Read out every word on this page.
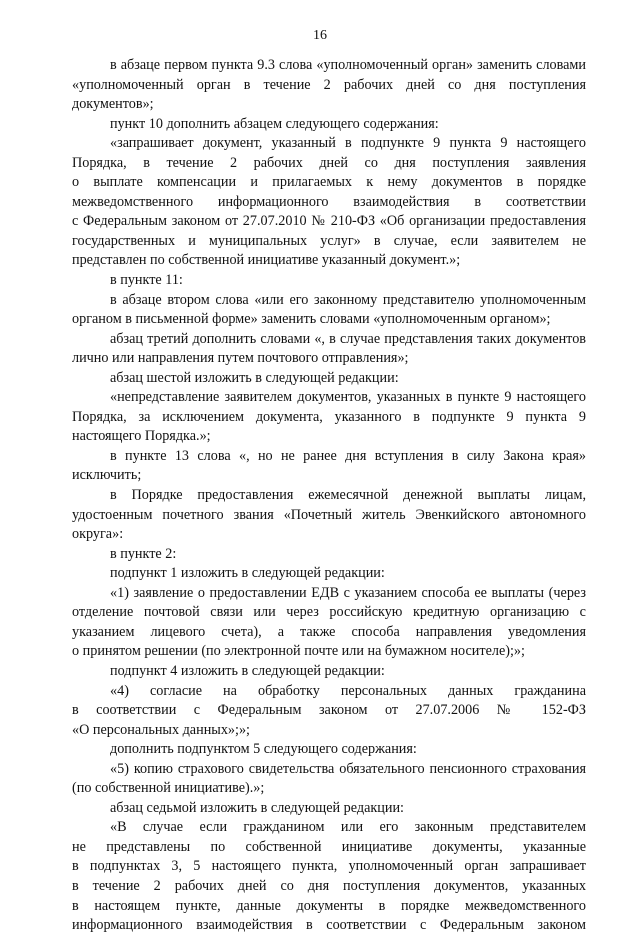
16
в абзаце первом пункта 9.3 слова «уполномоченный орган» заменить словами
«уполномоченный орган в течение 2 рабочих дней со дня поступления
документов»;
пункт 10 дополнить абзацем следующего содержания:
«запрашивает документ, указанный в подпункте 9 пункта 9 настоящего
Порядка, в течение 2 рабочих дней со дня поступления заявления
о выплате компенсации и прилагаемых к нему документов в порядке
межведомственного информационного взаимодействия в соответствии
с Федеральным законом от 27.07.2010 № 210-ФЗ «Об организации предоставления
государственных и муниципальных услуг» в случае, если заявителем не
представлен по собственной инициативе указанный документ.»;
в пункте 11:
в абзаце втором слова «или его законному представителю уполномоченным
органом в письменной форме» заменить словами «уполномоченным органом»;
абзац третий дополнить словами «, в случае представления таких документов
лично или направления путем почтового отправления»;
абзац шестой изложить в следующей редакции:
«непредставление заявителем документов, указанных в пункте 9 настоящего
Порядка, за исключением документа, указанного в подпункте 9 пункта 9
настоящего Порядка.»;
в пункте 13 слова «, но не ранее дня вступления в силу Закона края»
исключить;
в Порядке предоставления ежемесячной денежной выплаты лицам,
удостоенным почетного звания «Почетный житель Эвенкийского автономного
округа»:
в пункте 2:
подпункт 1 изложить в следующей редакции:
«1) заявление о предоставлении ЕДВ с указанием способа ее выплаты (через
отделение почтовой связи или через российскую кредитную организацию с
указанием лицевого счета), а также способа направления уведомления
о принятом решении (по электронной почте или на бумажном носителе);»;
подпункт 4 изложить в следующей редакции:
«4) согласие на обработку персональных данных гражданина
в соответствии с Федеральным законом от 27.07.2006 № 152-ФЗ
«О персональных данных»;»;
дополнить подпунктом 5 следующего содержания:
«5) копию страхового свидетельства обязательного пенсионного страхования
(по собственной инициативе).»;
абзац седьмой изложить в следующей редакции:
«В случае если гражданином или его законным представителем
не представлены по собственной инициативе документы, указанные
в подпунктах 3, 5 настоящего пункта, уполномоченный орган запрашивает
в течение 2 рабочих дней со дня поступления документов, указанных
в настоящем пункте, данные документы в порядке межведомственного
информационного взаимодействия в соответствии с Федеральным законом
